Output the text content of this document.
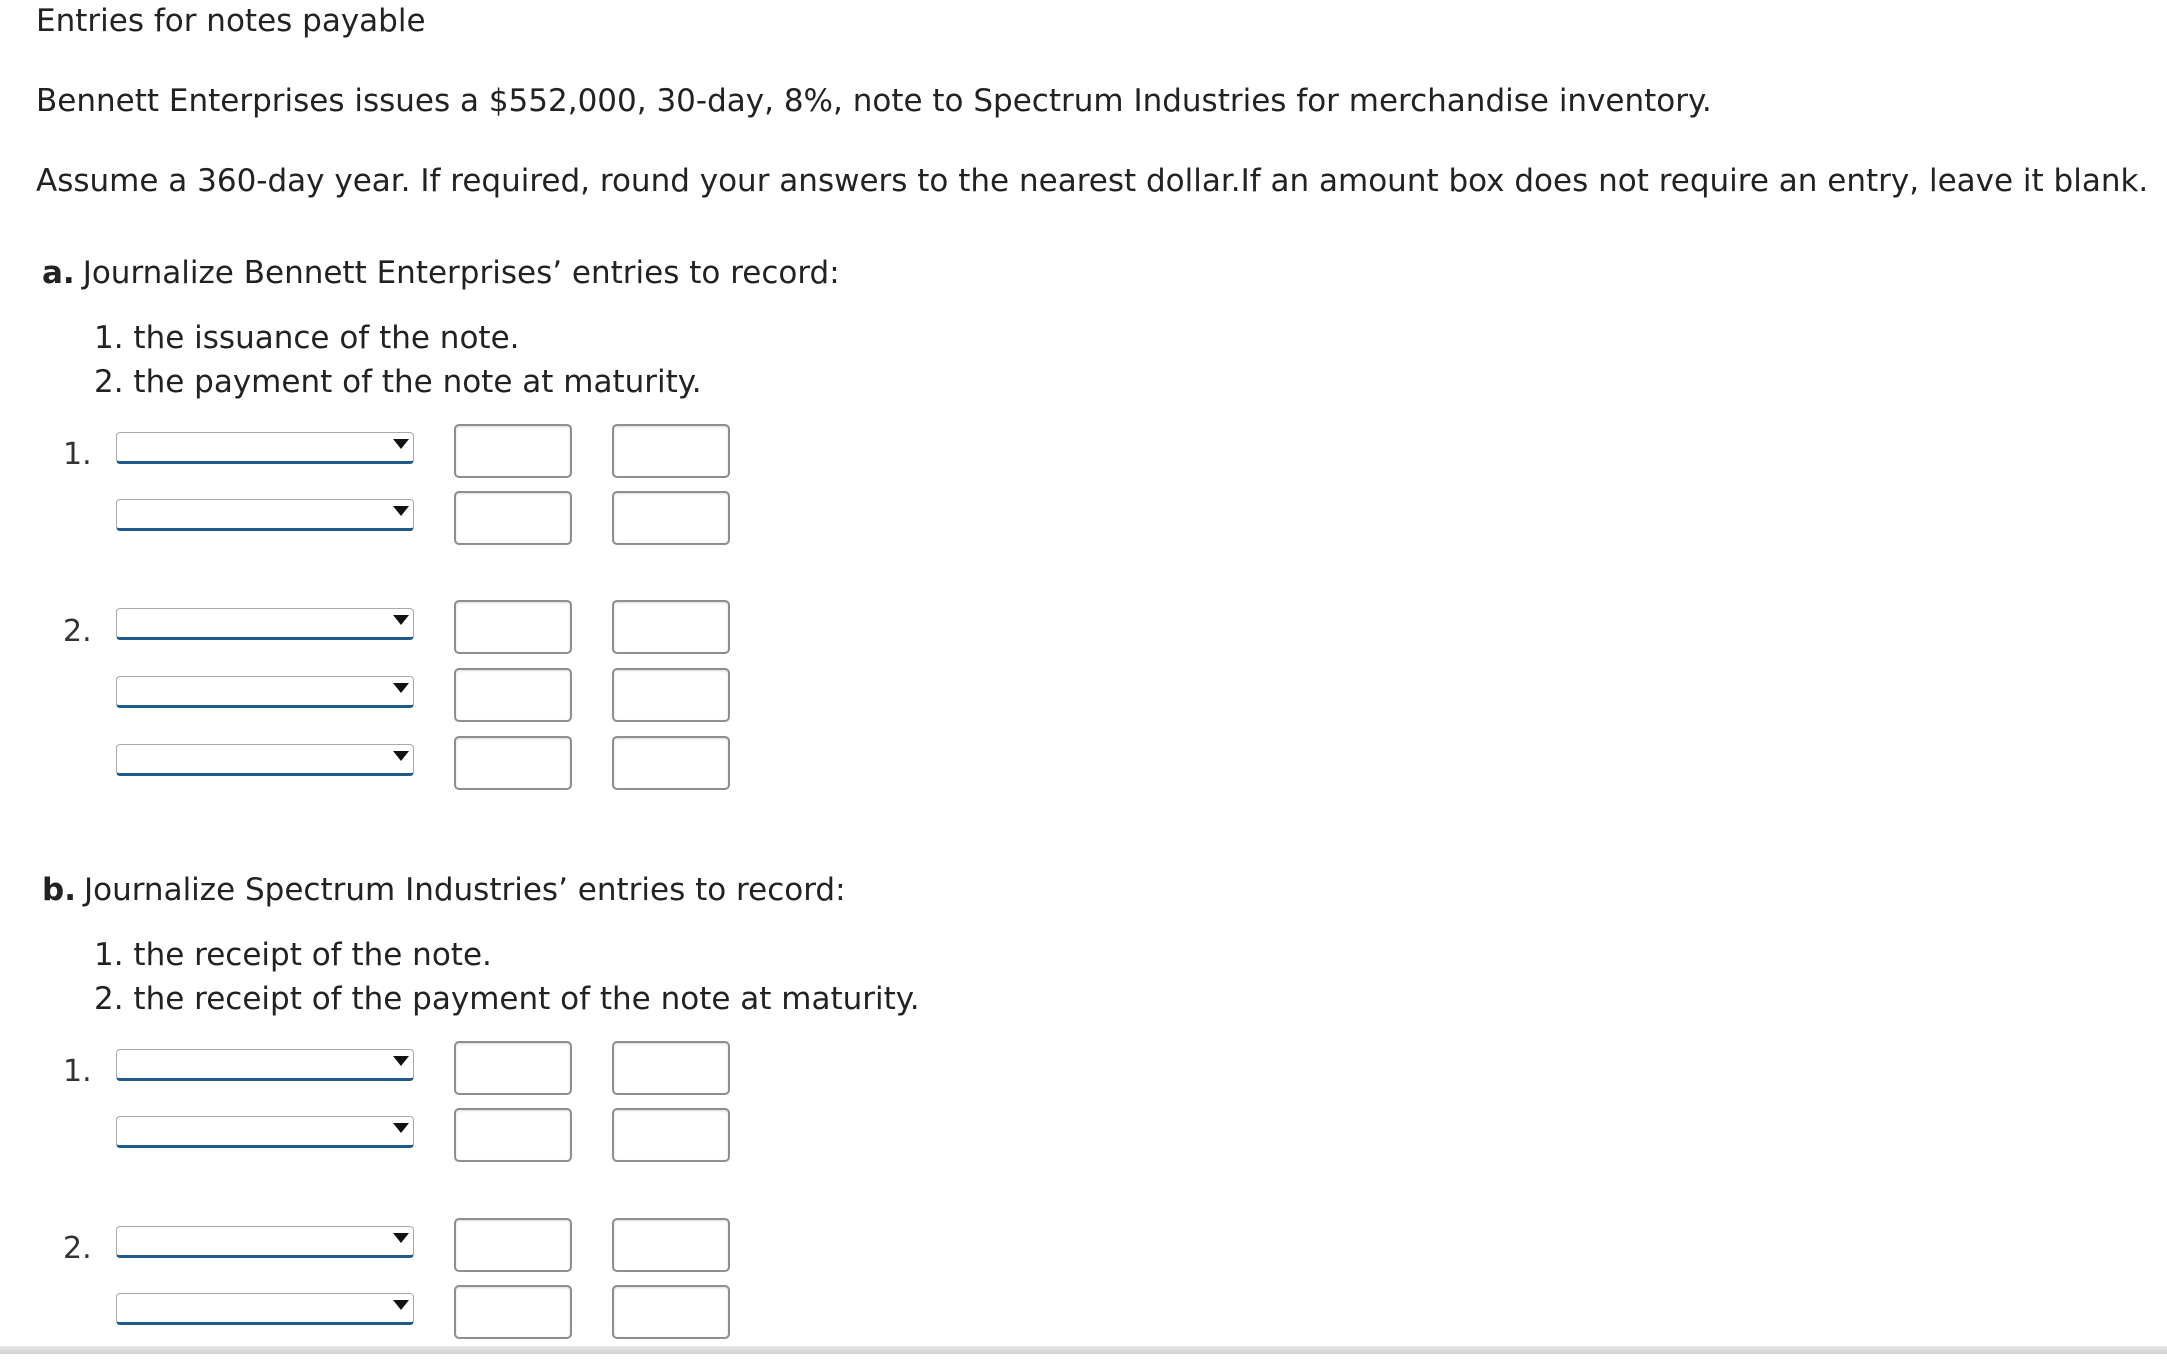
Entries for notes payable
Bennett Enterprises issues a $552,000, 30-day, 8%, note to Spectrum Industries for merchandise inventory.
Assume a 360-day year. If required, round your answers to the nearest dollar.If an amount box does not require an entry, leave it blank.
a. Journalize Bennett Enterprises’ entries to record:
1. the issuance of the note.
2. the payment of the note at maturity.
1.
2.
b. Journalize Spectrum Industries’ entries to record:
1. the receipt of the note.
2. the receipt of the payment of the note at maturity.
1.
2.
